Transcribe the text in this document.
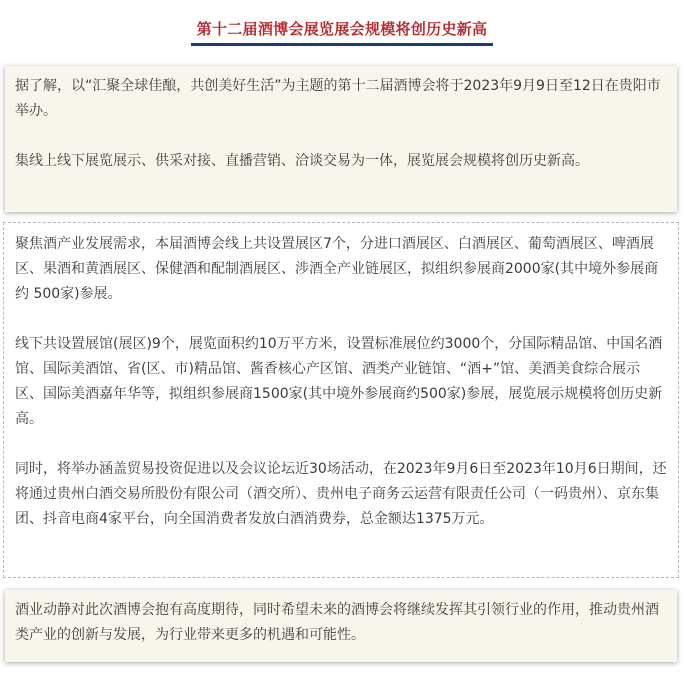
第十二届酒博会展览展会规模将创历史新高

据了解，以“汇聚全球佳酿，共创美好生活”为主题的第十二届酒博会将于2023年9月9日至12日在贵阳市举办。

集线上线下展览展示、供采对接、直播营销、洽谈交易为一体，展览展会规模将创历史新高。

聚焦酒产业发展需求，本届酒博会线上共设置展区7个，分进口酒展区、白酒展区、葡萄酒展区、啤酒展区、果酒和黄酒展区、保健酒和配制酒展区、涉酒全产业链展区，拟组织参展商2000家(其中境外参展商约 500家)参展。

线下共设置展馆(展区)9个，展览面积约10万平方米，设置标准展位约3000个，分国际精品馆、中国名酒馆、国际美酒馆、省(区、市)精品馆、酱香核心产区馆、酒类产业链馆、“酒+”馆、美酒美食综合展示区、国际美酒嘉年华等，拟组织参展商1500家(其中境外参展商约500家)参展，展览展示规模将创历史新高。

同时，将举办涵盖贸易投资促进以及会议论坛近30场活动，在2023年9月6日至2023年10月6日期间，还将通过贵州白酒交易所股份有限公司（酒交所）、贵州电子商务云运营有限责任公司（一码贵州）、京东集团、抖音电商4家平台，向全国消费者发放白酒消费券，总金额达1375万元。

酒业动静对此次酒博会抱有高度期待，同时希望未来的酒博会将继续发挥其引领行业的作用，推动贵州酒类产业的创新与发展，为行业带来更多的机遇和可能性。
